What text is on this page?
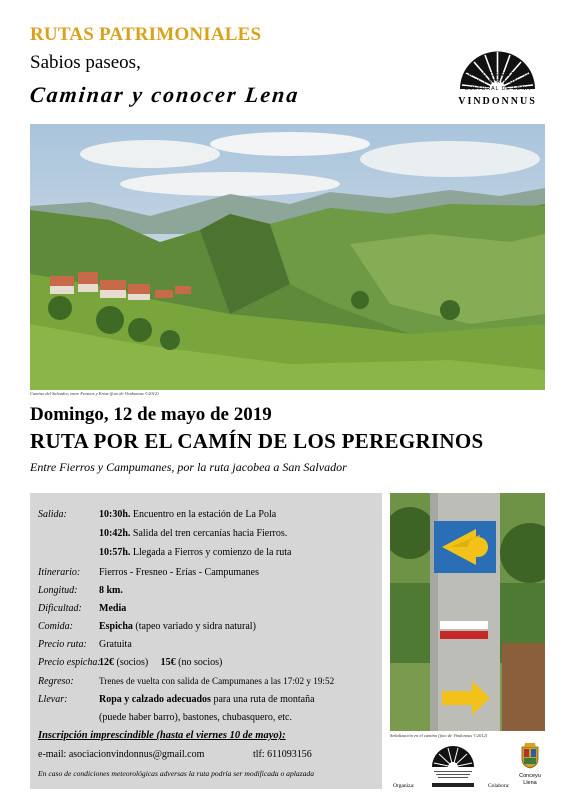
RUTAS PATRIMONIALES
Sabios paseos,
Caminar y conocer Lena
GRUPO DE ESTUDIO
DEL PATRIMONIO
CULTURAL DE LENA
VINDONNUS
Camino del Salvador, entre Fresnos y Erias (foto de Vindonnus ©2012)
Domingo, 12 de mayo de 2019
RUTA POR EL CAMÍN DE LOS PEREGRINOS
Entre Fierros y Campumanes, por la ruta jacobea a San Salvador
Salida:	10:30h. Encuentro en la estación de La Pola
10:42h. Salida del tren cercanías hacia Fierros.
10:57h. Llegada a Fierros y comienzo de la ruta
Itinerario: Fierros - Fresneo - Erías - Campumanes
Longitud: 8 km.
Dificultad: Media
Comida:	Espicha (tapeo variado y sidra natural)
Precio ruta: Gratuita
Precio espicha:
12€ (socios) 15€ (no socios)
Regreso:	Trenes de vuelta con salida de Campumanes a las 17:02 y 19:52
Llevar:	Ropa y calzado adecuados para una ruta de montaña
(puede haber barro), bastones, chubasquero, etc.
Inscripción imprescindible (hasta el viernes 10 de mayo):
e-mail: asociacionvindonnus@gmail.com	tlf: 611093156
En caso de condiciones meteorológicas adversas la ruta podría ser modificada o aplazada
Señalización en el camino (foto de Vindonnus ©2012)
Organiza:	Colabora:
Conceyu
Llena
